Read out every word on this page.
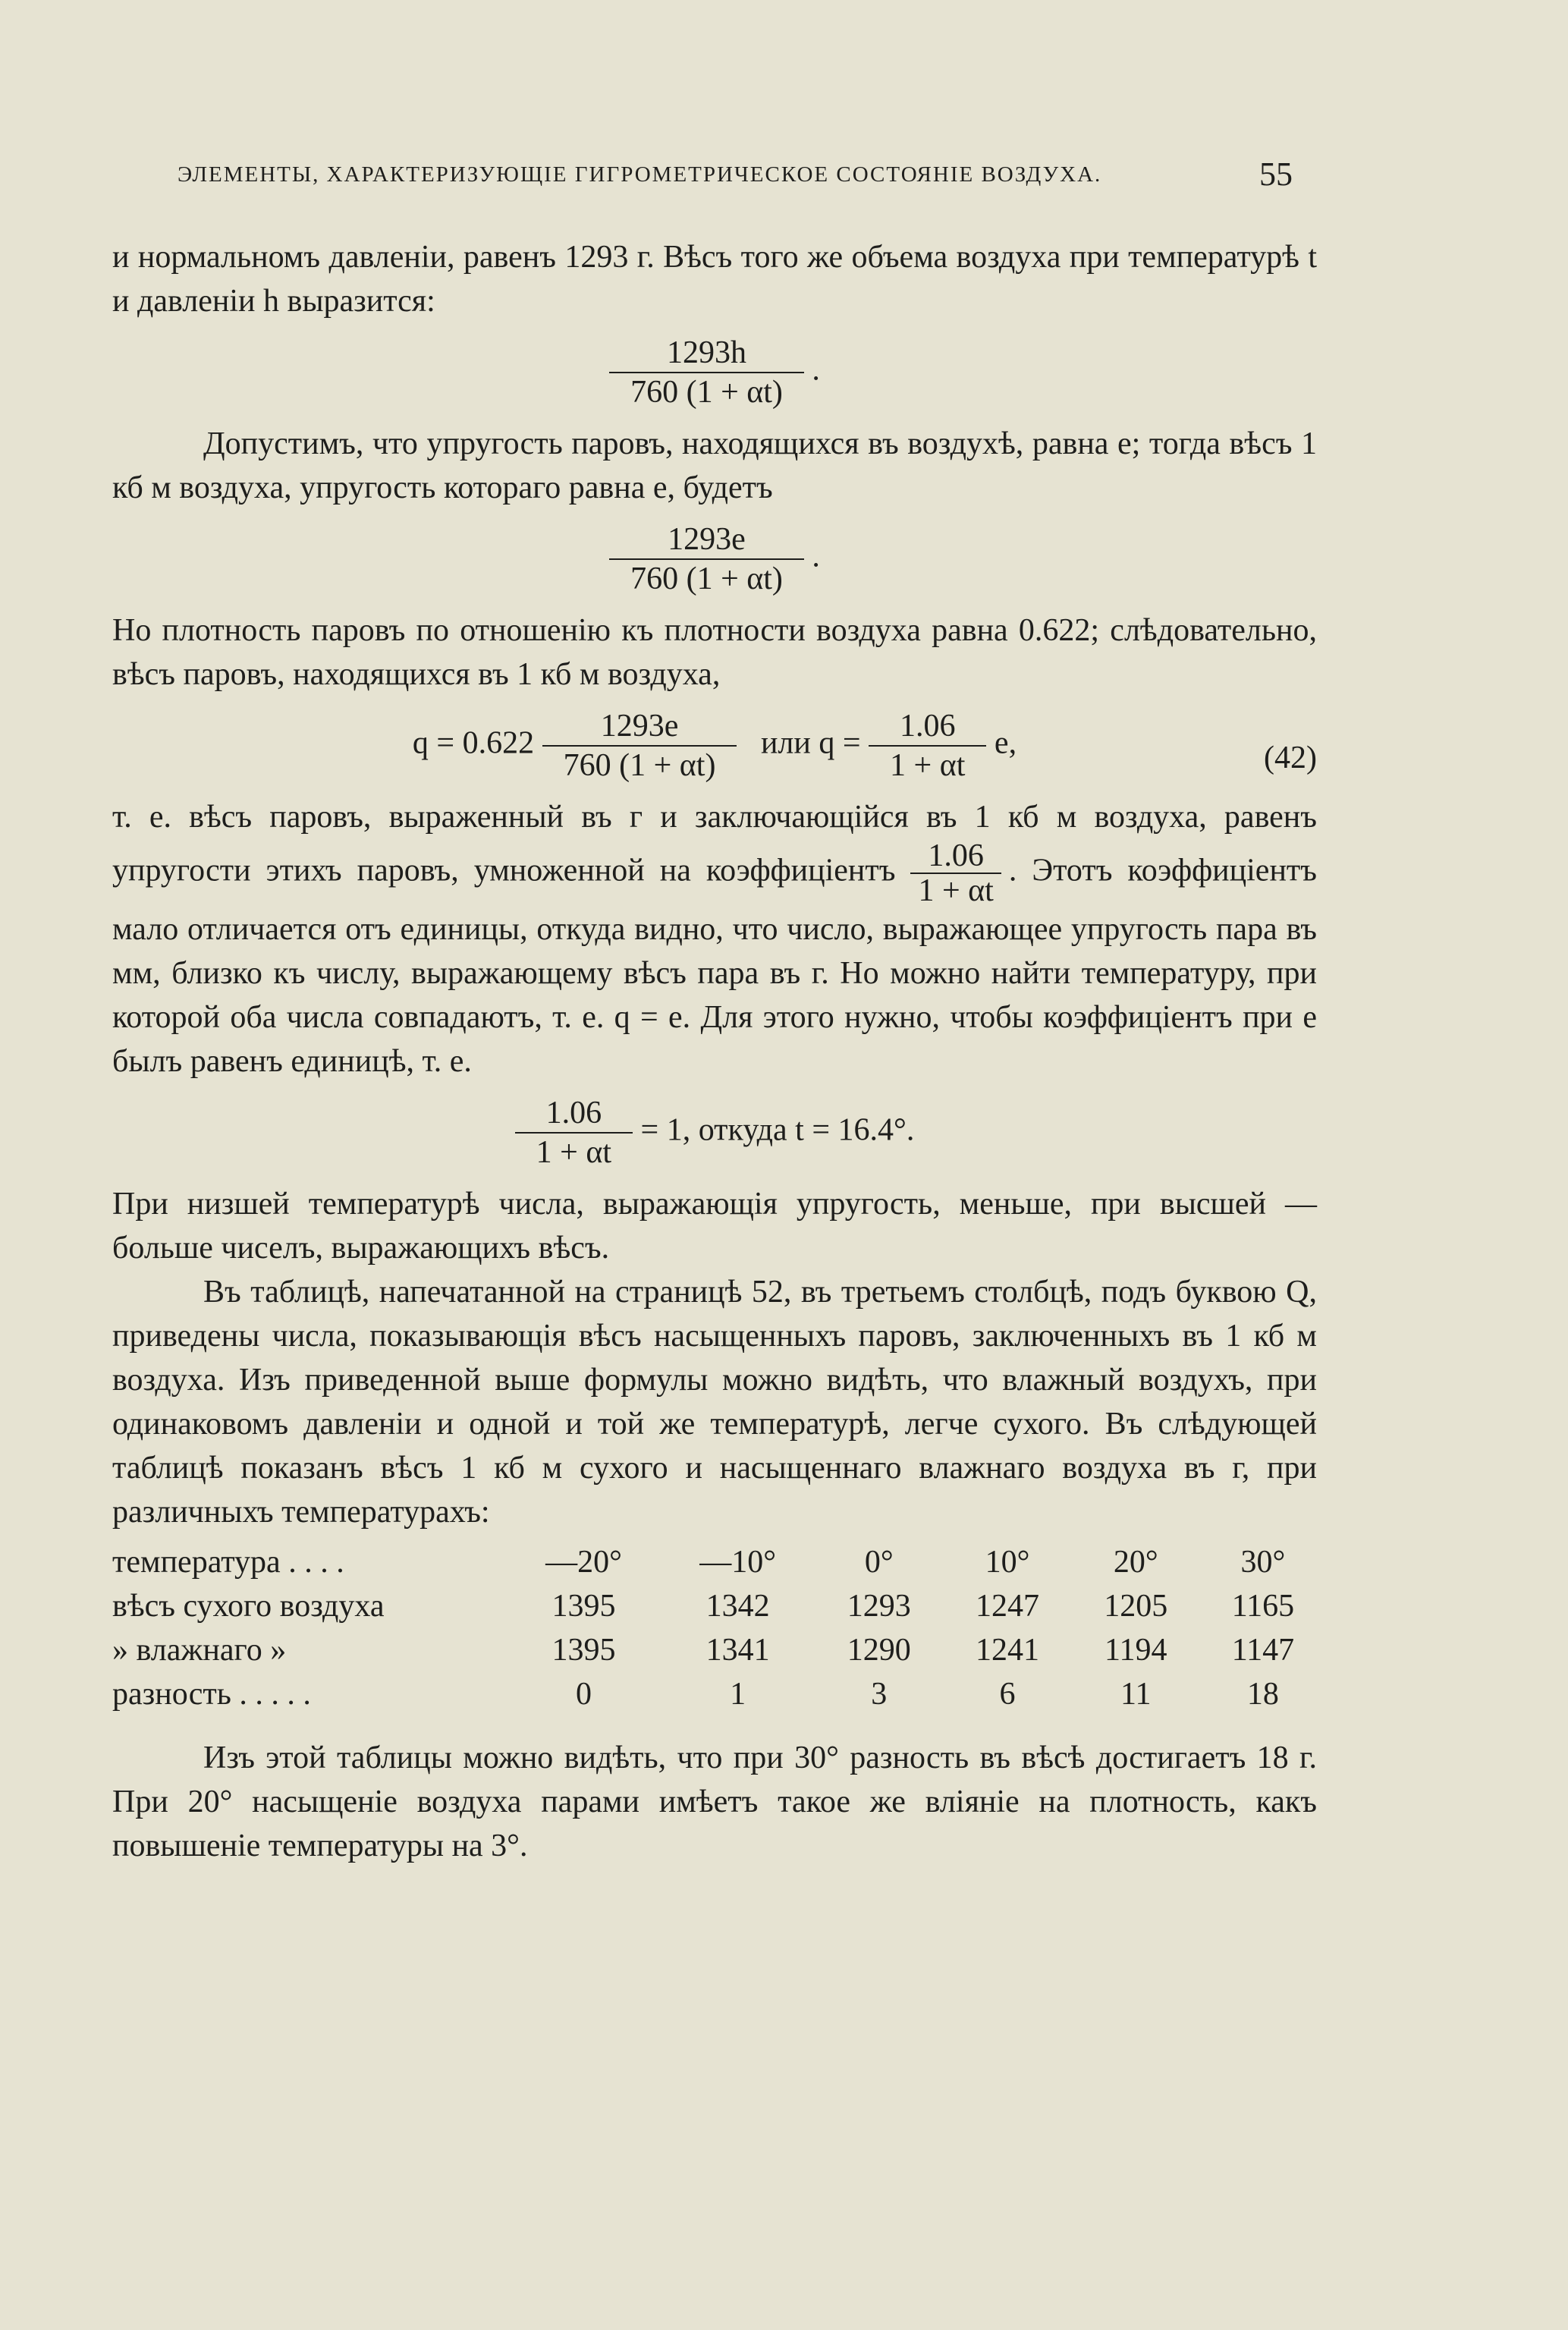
ЭЛЕМЕНТЫ, ХАРАКТЕРИЗУЮЩІЕ ГИГРОМЕТРИЧЕСКОЕ СОСТОЯНІЕ ВОЗДУХА.	55

и нормальномъ давленіи, равенъ 1293 г. Вѣсъ того же объема воздуха при температурѣ t и давленіи h выразится:

$\frac{1293h}{760 (1 + \alpha t)}$ .

Допустимъ, что упругость паровъ, находящихся въ воздухѣ, равна e; тогда вѣсъ 1 кб м воздуха, упругость котораго равна e, будетъ

$\frac{1293e}{760 (1 + \alpha t)}$ .

Но плотность паровъ по отношенію къ плотности воздуха равна 0.622; слѣдовательно, вѣсъ паровъ, находящихся въ 1 кб м воздуха,

$q = 0.622 \frac{1293e}{760 (1 + \alpha t)}$ или $q = \frac{1.06}{1 + \alpha t} e$,	(42)

т. е. вѣсъ паровъ, выраженный въ г и заключающійся въ 1 кб м воздуха, равенъ упругости этихъ паровъ, умноженной на коэффиціентъ $\frac{1.06}{1 + \alpha t}$ . Этотъ коэффиціентъ мало отличается отъ единицы, откуда видно, что число, выражающее упругость пара въ мм, близко къ числу, выражающему вѣсъ пара въ г. Но можно найти температуру, при которой оба числа совпадаютъ, т. е. q = e. Для этого нужно, чтобы коэффиціентъ при e былъ равенъ единицѣ, т. е.

$\frac{1.06}{1 + \alpha t} = 1$, откуда t = 16.4°.

При низшей температурѣ числа, выражающія упругость, меньше, при высшей — больше чиселъ, выражающихъ вѣсъ.

Въ таблицѣ, напечатанной на страницѣ 52, въ третьемъ столбцѣ, подъ буквою Q, приведены числа, показывающія вѣсъ насыщенныхъ паровъ, заключенныхъ въ 1 кб м воздуха. Изъ приведенной выше формулы можно видѣть, что влажный воздухъ, при одинаковомъ давленіи и одной и той же температурѣ, легче сухого. Въ слѣдующей таблицѣ показанъ вѣсъ 1 кб м сухого и насыщеннаго влажнаго воздуха въ г, при различныхъ температурахъ:

температура . . . .	—20°	—10°	0°	10°	20°	30°
вѣсъ сухого воздуха	1395	1342	1293	1247	1205	1165
» влажнаго »	1395	1341	1290	1241	1194	1147
разность . . . . .	0	1	3	6	11	18

Изъ этой таблицы можно видѣть, что при 30° разность въ вѣсѣ достигаетъ 18 г. При 20° насыщеніе воздуха парами имѣетъ такое же вліяніе на плотность, какъ повышеніе температуры на 3°.
